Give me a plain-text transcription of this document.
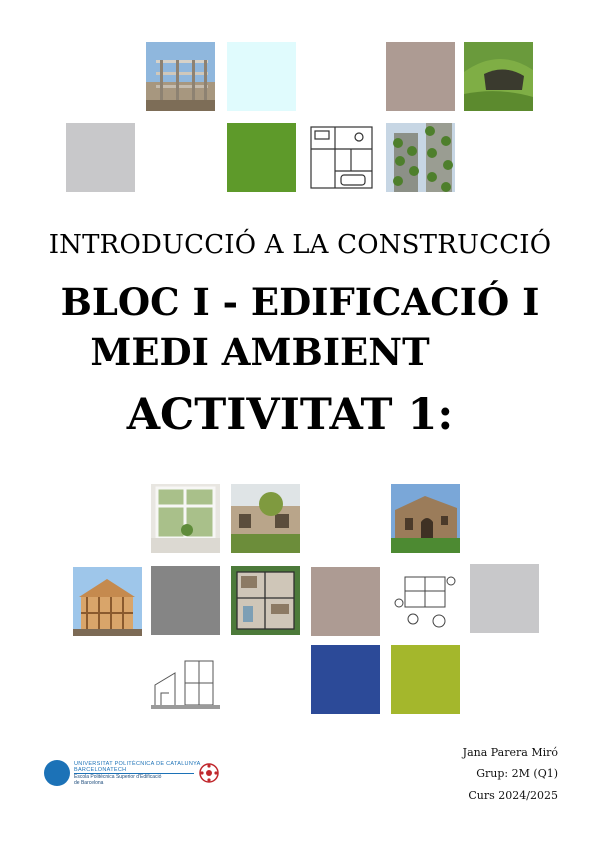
INTRODUCCIÓ A LA CONSTRUCCIÓ
BLOC I - EDIFICACIÓ I
MEDI AMBIENT
ACTIVITAT 1:
UNIVERSITAT POLITÈCNICA DE CATALUNYA
BARCELONATECH
Escola Politècnica Superior d'Edificació
de Barcelona
Jana Parera Miró
Grup: 2M (Q1)
Curs 2024/2025
